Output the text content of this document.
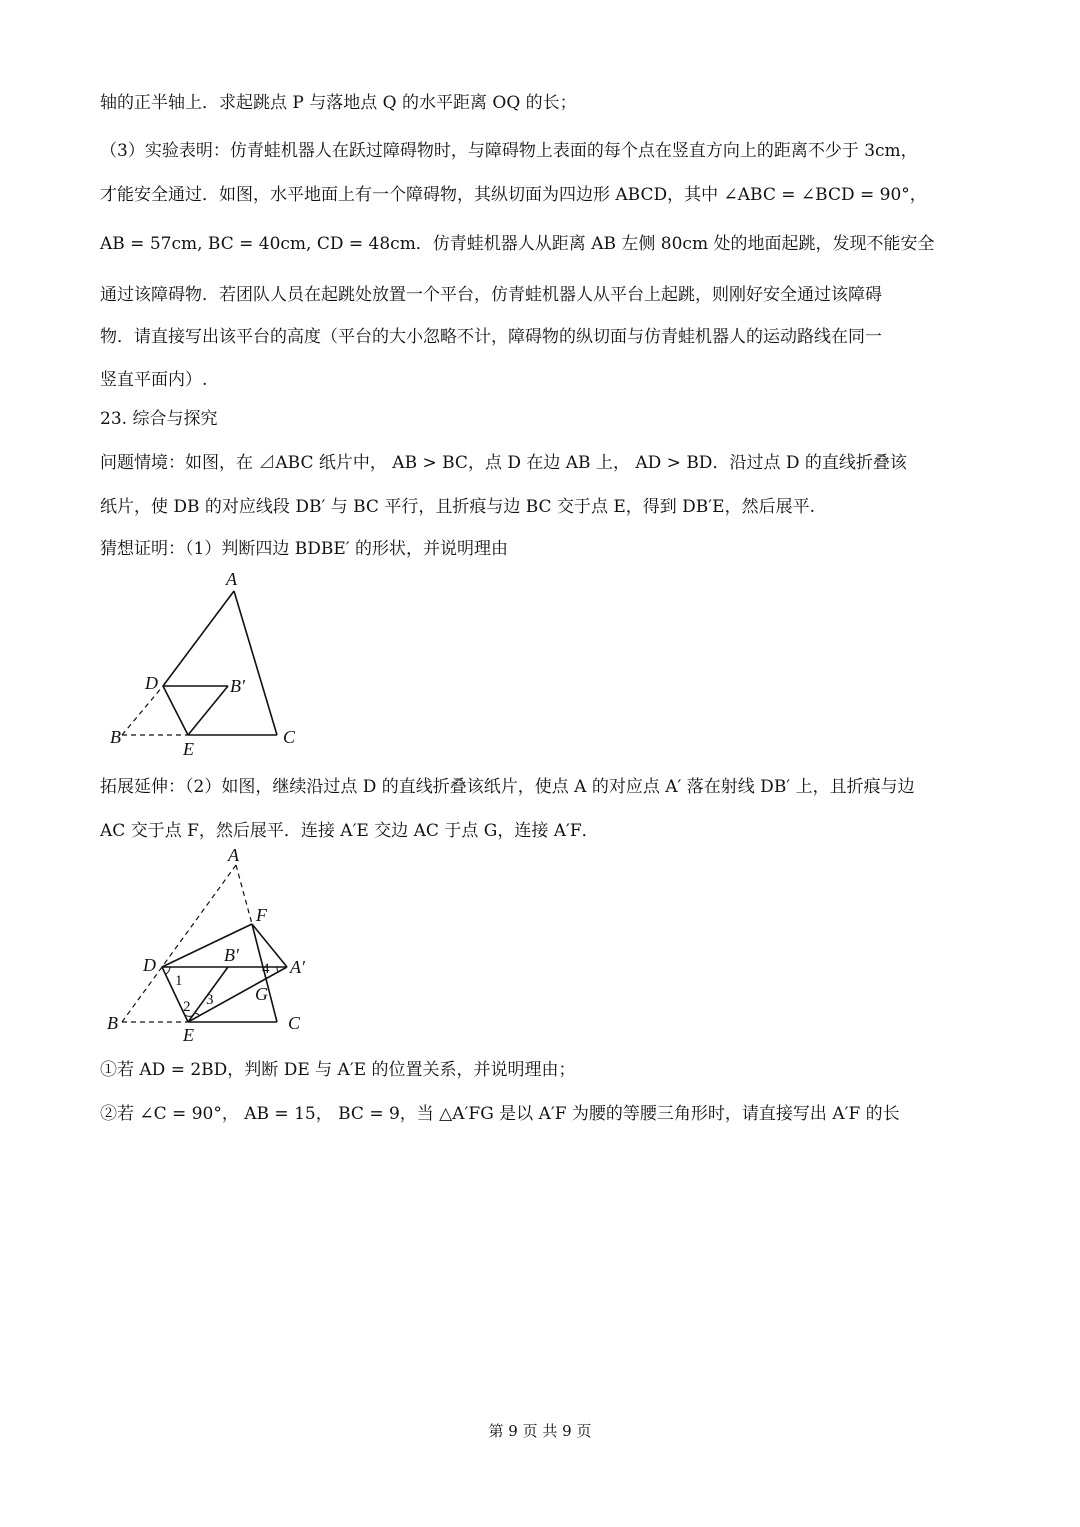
轴的正半轴上．求起跳点 P 与落地点 Q 的水平距离 OQ 的长；
（3）实验表明：仿青蛙机器人在跃过障碍物时，与障碍物上表面的每个点在竖直方向上的距离不少于 3cm，
才能安全通过．如图，水平地面上有一个障碍物，其纵切面为四边形 ABCD，其中 ∠ABC = ∠BCD = 90°，
AB = 57cm, BC = 40cm, CD = 48cm．仿青蛙机器人从距离 AB 左侧 80cm 处的地面起跳，发现不能安全
通过该障碍物．若团队人员在起跳处放置一个平台，仿青蛙机器人从平台上起跳，则刚好安全通过该障碍
物．请直接写出该平台的高度（平台的大小忽略不计，障碍物的纵切面与仿青蛙机器人的运动路线在同一
竖直平面内）.
23. 综合与探究
问题情境：如图，在 ⊿ABC 纸片中， AB > BC，点 D 在边 AB 上， AD > BD．沿过点 D 的直线折叠该
纸片，使 DB 的对应线段 DB′ 与 BC 平行，且折痕与边 BC 交于点 E，得到 DB′E，然后展平.
猜想证明：（1）判断四边 BDBE′ 的形状，并说明理由
拓展延伸：（2）如图，继续沿过点 D 的直线折叠该纸片，使点 A 的对应点 A′ 落在射线 DB′ 上，且折痕与边
AC 交于点 F，然后展平．连接 A′E 交边 AC 于点 G，连接 A′F．
①若 AD = 2BD，判断 DE 与 A′E 的位置关系，并说明理由；
②若 ∠C = 90°， AB = 15， BC = 9，当 △A′FG 是以 A′F 为腰的等腰三角形时，请直接写出 A′F 的长
A
D	B′
B
E
C
A
F
D	B′
A′
G
B
E
C
1
2 3
4
第 9 页 共 9 页
